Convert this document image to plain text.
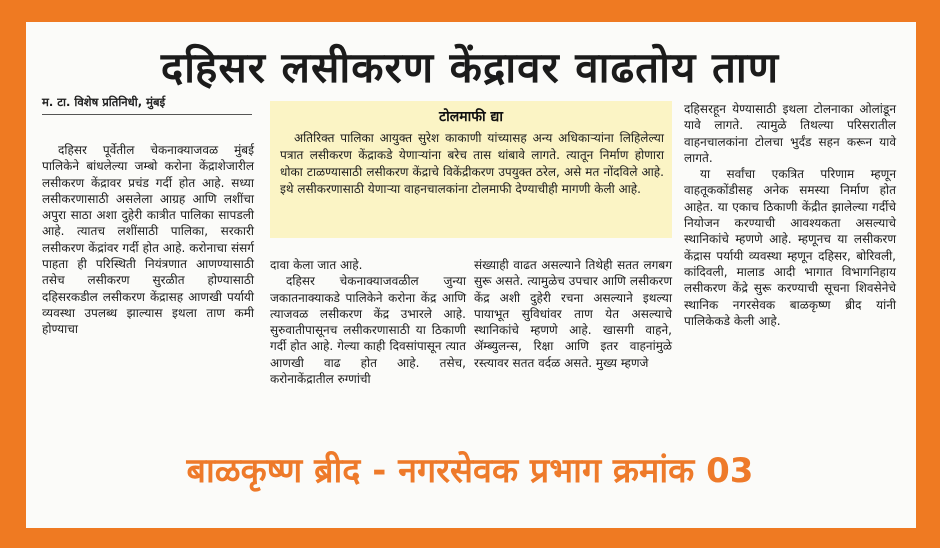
दहिसर लसीकरण केंद्रावर वाढतोय ताण
म. टा. विशेष प्रतिनिधी, मुंबई

दहिसर पूर्वेतील चेकनाक्याजवळ मुंबई पालिकेने बांधलेल्या जम्बो करोना केंद्राशेजारील लसीकरण केंद्रावर प्रचंड गर्दी होत आहे. सध्या लसीकरणासाठी असलेला आग्रह आणि लशींचा अपुरा साठा अशा दुहेरी कात्रीत पालिका सापडली आहे. त्यातच लशींसाठी पालिका, सरकारी लसीकरण केंद्रांवर गर्दी होत आहे. करोनाचा संसर्ग पाहता ही परिस्थिती नियंत्रणात आणण्यासाठी तसेच लसीकरण सुरळीत होण्यासाठी दहिसरकडील लसीकरण केंद्रासह आणखी पर्यायी व्यवस्था उपलब्ध झाल्यास इथला ताण कमी होण्याचा

टोलमाफी द्या

अतिरिक्त पालिका आयुक्त सुरेश काकाणी यांच्यासह अन्य अधिकाऱ्यांना लिहिलेल्या पत्रात लसीकरण केंद्राकडे येणाऱ्यांना बरेच तास थांबावे लागते. त्यातून निर्माण होणारा धोका टाळण्यासाठी लसीकरण केंद्राचे विकेंद्रीकरण उपयुक्त ठरेल, असे मत नोंदविले आहे. इथे लसीकरणासाठी येणाऱ्या वाहनचालकांना टोलमाफी देण्याचीही मागणी केली आहे.

दावा केला जात आहे.

दहिसर चेकनाक्याजवळील जुन्या जकातनाक्याकडे पालिकेने करोना केंद्र आणि त्याजवळ लसीकरण केंद्र उभारले आहे. सुरुवातीपासूनच लसीकरणासाठी या ठिकाणी गर्दी होत आहे. गेल्या काही दिवसांपासून त्यात आणखी वाढ होत आहे. तसेच, करोनाकेंद्रातील रुग्णांची

संख्याही वाढत असल्याने तिथेही सतत लगबग सुरू असते. त्यामुळेच उपचार आणि लसीकरण केंद्र अशी दुहेरी रचना असल्याने इथल्या पायाभूत सुविधांवर ताण येत असल्याचे स्थानिकांचे म्हणणे आहे. खासगी वाहने, ॲम्ब्युलन्स, रिक्षा आणि इतर वाहनांमुळे रस्त्यावर सतत वर्दळ असते. मुख्य म्हणजे
दहिसरहून येण्यासाठी इथला टोलनाका ओलांडून यावे लागते. त्यामुळे तिथल्या परिसरातील वाहनचालकांना टोलचा भुर्दंड सहन करून यावे लागते.

या सर्वांचा एकत्रित परिणाम म्हणून वाहतूककोंडीसह अनेक समस्या निर्माण होत आहेत. या एकाच ठिकाणी केंद्रीत झालेल्या गर्दीचे नियोजन करण्याची आवश्यकता असल्याचे स्थानिकांचे म्हणणे आहे. म्हणूनच या लसीकरण केंद्रास पर्यायी व्यवस्था म्हणून दहिसर, बोरिवली, कांदिवली, मालाड आदी भागात विभागनिहाय लसीकरण केंद्रे सुरू करण्याची सूचना शिवसेनेचे स्थानिक नगरसेवक बाळकृष्ण ब्रीद यांनी पालिकेकडे केली आहे.

बाळकृष्ण ब्रीद - नगरसेवक प्रभाग क्रमांक 03
